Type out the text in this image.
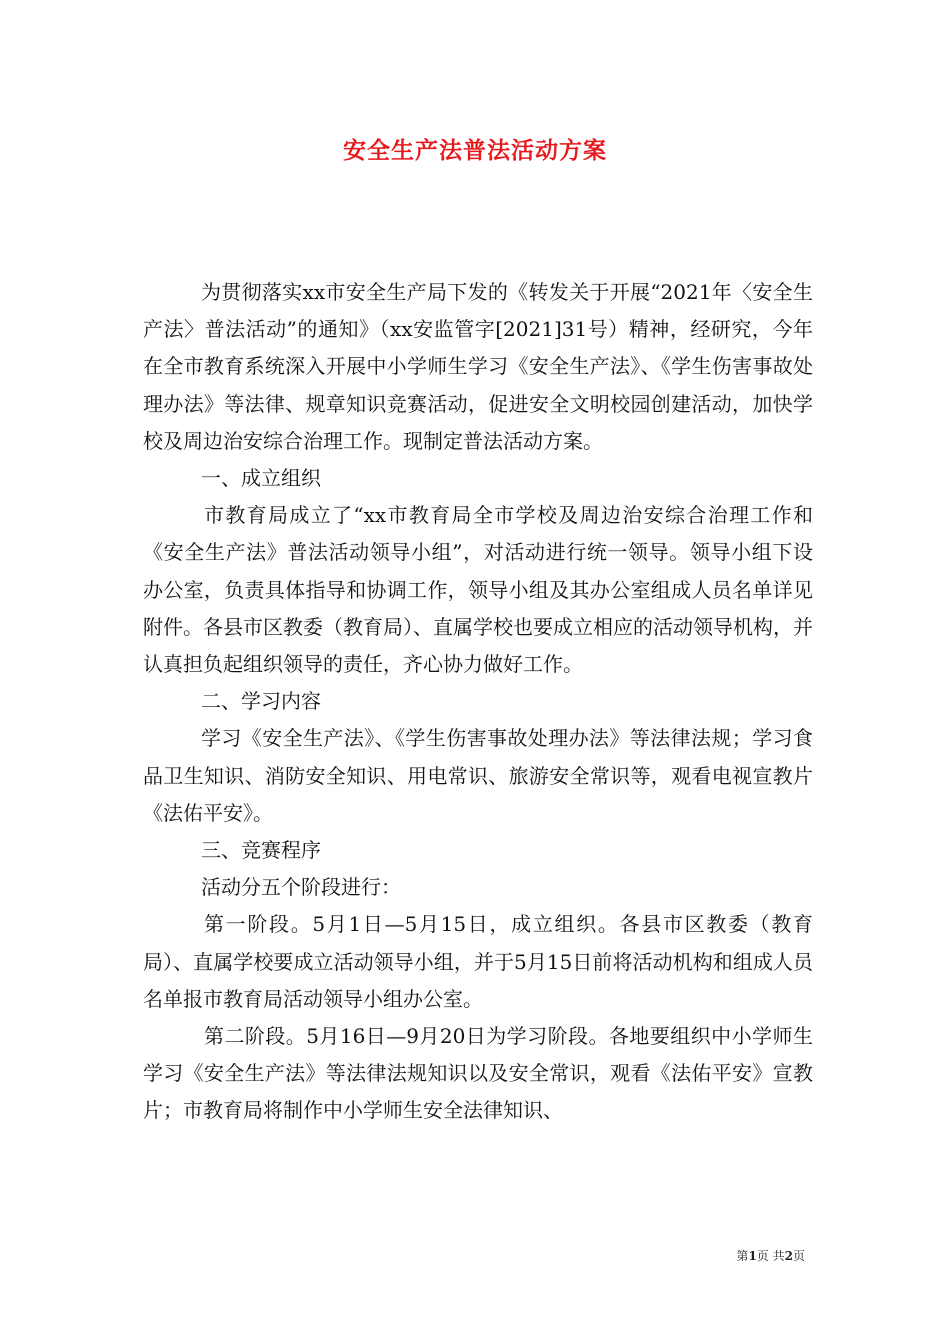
安全生产法普法活动方案

为贯彻落实xx市安全生产局下发的《转发关于开展“2021年〈安全生产法〉普法活动”的通知》（xx安监管字[2021]31号）精神，经研究，今年在全市教育系统深入开展中小学师生学习《安全生产法》、《学生伤害事故处理办法》等法律、规章知识竞赛活动，促进安全文明校园创建活动，加快学校及周边治安综合治理工作。现制定普法活动方案。

一、成立组织

市教育局成立了“xx市教育局全市学校及周边治安综合治理工作和《安全生产法》普法活动领导小组”，对活动进行统一领导。领导小组下设办公室，负责具体指导和协调工作，领导小组及其办公室组成人员名单详见附件。各县市区教委（教育局）、直属学校也要成立相应的活动领导机构，并认真担负起组织领导的责任，齐心协力做好工作。

二、学习内容

学习《安全生产法》、《学生伤害事故处理办法》等法律法规；学习食品卫生知识、消防安全知识、用电常识、旅游安全常识等，观看电视宣教片《法佑平安》。

三、竞赛程序

活动分五个阶段进行：

第一阶段。5月1日—5月15日，成立组织。各县市区教委（教育局）、直属学校要成立活动领导小组，并于5月15日前将活动机构和组成人员名单报市教育局活动领导小组办公室。

第二阶段。5月16日—9月20日为学习阶段。各地要组织中小学师生学习《安全生产法》等法律法规知识以及安全常识，观看《法佑平安》宣教片；市教育局将制作中小学师生安全法律知识、

第1页 共2页
